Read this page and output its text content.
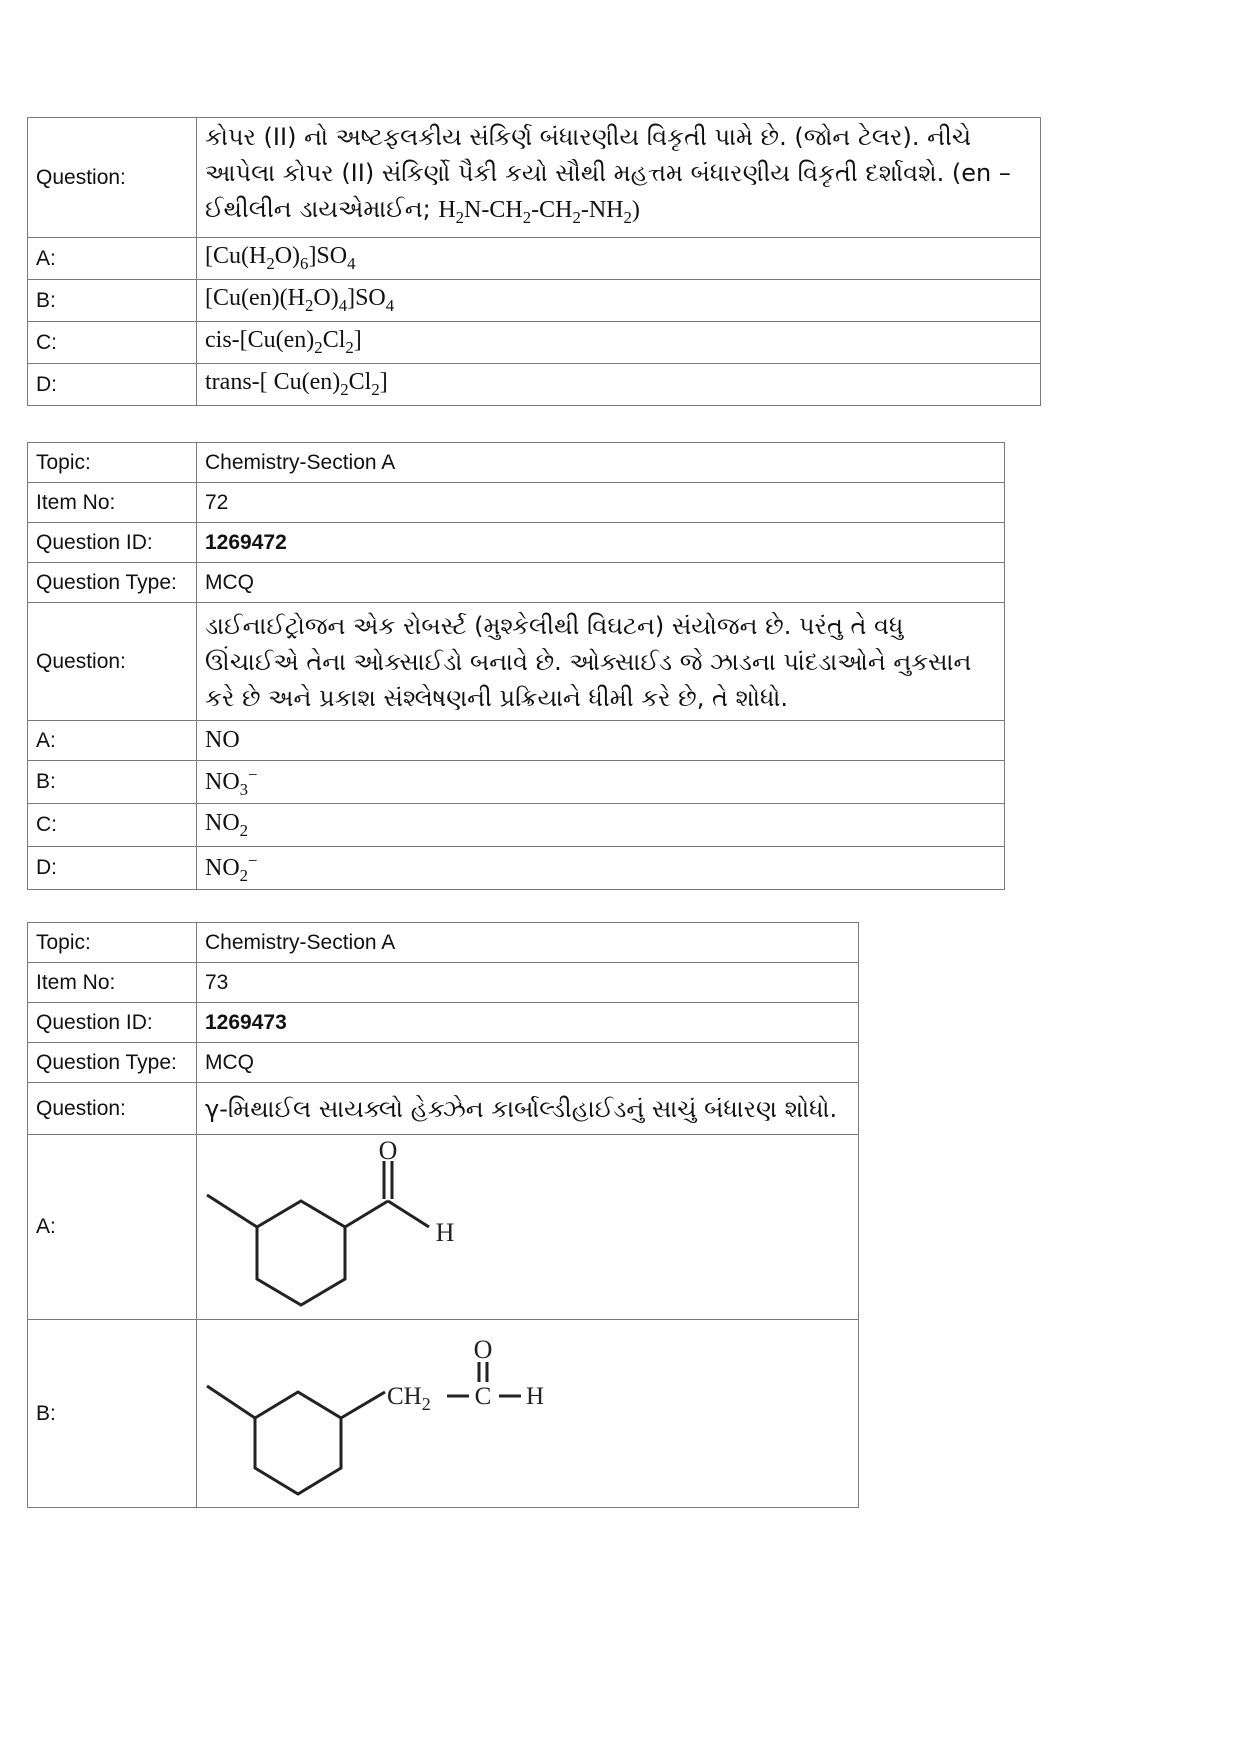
Question:	કોપર (II) નો અષ્ટફલકીય સંકિર્ણ બંધારણીય વિકૃતી પામે છે. (જોન ટેલર). નીચે આપેલા કોપર (II) સંકિર્ણો પૈકી કયો સૌથી મહત્તમ બંધારણીય વિકૃતી દર્શાવશે. (en – ઈથીલીન ડાયએમાઈન; $H_2N-CH_2-CH_2-NH_2$)
A:	$[Cu(H_2O)_6]SO_4$
B:	$[Cu(en)(H_2O)_4]SO_4$
C:	cis-$[Cu(en)_2Cl_2]$
D:	trans-[ $Cu(en)_2Cl_2$]
Topic:	Chemistry-Section A
Item No:	72
Question ID:	1269472
Question Type:	MCQ
Question:	ડાઈનાઈટ્રોજન એક રોબર્સ્ટ (મુશ્કેલીથી વિઘટન) સંયોજન છે. પરંતુ તે વધુ ઊંચાઈએ તેના ઓક્સાઈડો બનાવે છે. ઓક્સાઈડ જે ઝાડના પાંદડાઓને નુકસાન કરે છે અને પ્રકાશ સંશ્લેષણની પ્રક્રિયાને ધીમી કરે છે, તે શોધો.
A:	NO
B:	$NO_3^-$
C:	$NO_2$
D:	$NO_2^-$
Topic:	Chemistry-Section A
Item No:	73
Question ID:	1269473
Question Type:	MCQ
Question:	γ-મિથાઈલ સાયક્લો હેક્ઝેન કાર્બાલ્ડીહાઈડનું સાચું બંધારણ શોધો.
A:	O
H

B:	O
$CH_2$ C H
